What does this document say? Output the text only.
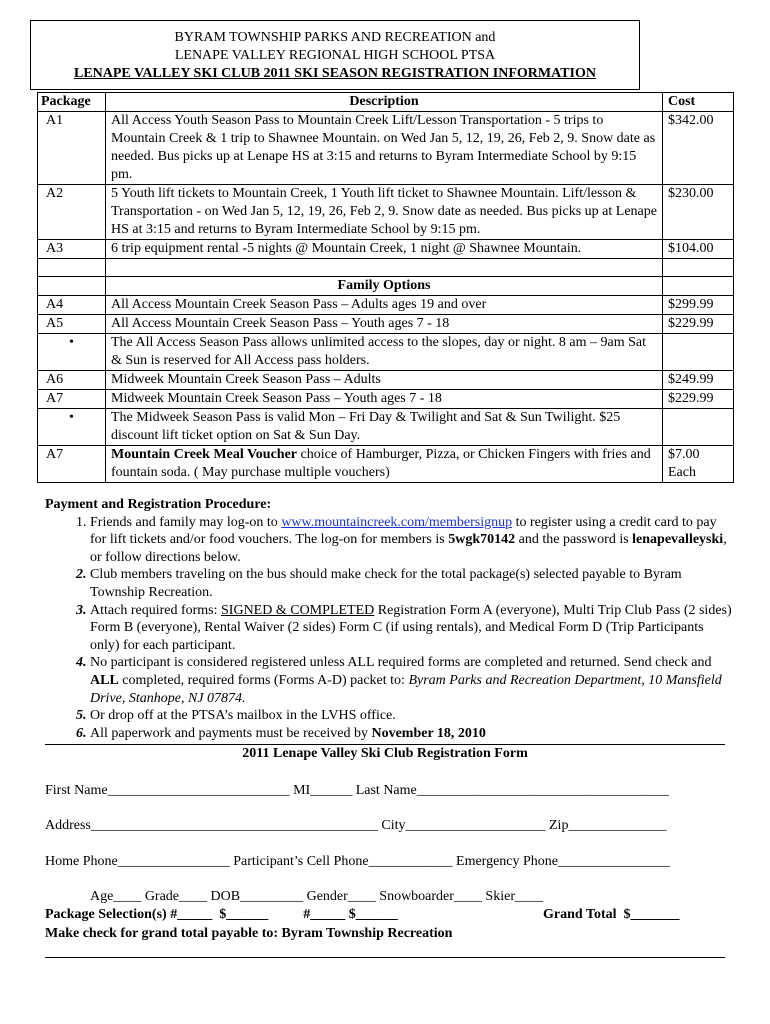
BYRAM TOWNSHIP PARKS AND RECREATION and
LENAPE VALLEY REGIONAL HIGH SCHOOL PTSA
LENAPE VALLEY SKI CLUB 2011 SKI SEASON REGISTRATION INFORMATION
Package	Description	Cost
A1	All Access Youth Season Pass to Mountain Creek Lift/Lesson Transportation - 5 trips to Mountain Creek & 1 trip to Shawnee Mountain. on Wed Jan 5, 12, 19, 26, Feb 2, 9. Snow date as needed. Bus picks up at Lenape HS at 3:15 and returns to Byram Intermediate School by 9:15 pm.	$342.00
A2	5 Youth lift tickets to Mountain Creek, 1 Youth lift ticket to Shawnee Mountain. Lift/lesson & Transportation - on Wed Jan 5, 12, 19, 26, Feb 2, 9. Snow date as needed. Bus picks up at Lenape HS at 3:15 and returns to Byram Intermediate School by 9:15 pm.	$230.00
A3	6 trip equipment rental -5 nights @ Mountain Creek, 1 night @ Shawnee Mountain.	$104.00

	Family Options	
A4	All Access Mountain Creek Season Pass – Adults ages 19 and over	$299.99
A5	All Access Mountain Creek Season Pass – Youth ages 7 - 18	$229.99
•	The All Access Season Pass allows unlimited access to the slopes, day or night. 8 am – 9am Sat & Sun is reserved for All Access pass holders.	
A6	Midweek Mountain Creek Season Pass – Adults	$249.99
A7	Midweek Mountain Creek Season Pass – Youth ages 7 - 18	$229.99
•	The Midweek Season Pass is valid Mon – Fri Day & Twilight and Sat & Sun Twilight. $25 discount lift ticket option on Sat & Sun Day.	
A7	Mountain Creek Meal Voucher choice of Hamburger, Pizza, or Chicken Fingers with fries and fountain soda. ( May purchase multiple vouchers)	$7.00
Each
Payment and Registration Procedure:
1. Friends and family may log-on to www.mountaincreek.com/membersignup to register using a credit card to pay for lift tickets and/or food vouchers. The log-on for members is 5wgk70142 and the password is lenapevalleyski, or follow directions below.
2. Club members traveling on the bus should make check for the total package(s) selected payable to Byram Township Recreation.
3. Attach required forms: SIGNED & COMPLETED Registration Form A (everyone), Multi Trip Club Pass (2 sides) Form B (everyone), Rental Waiver (2 sides) Form C (if using rentals), and Medical Form D (Trip Participants only) for each participant.
4. No participant is considered registered unless ALL required forms are completed and returned. Send check and ALL completed, required forms (Forms A-D) packet to: Byram Parks and Recreation Department, 10 Mansfield Drive, Stanhope, NJ 07874.
5. Or drop off at the PTSA’s mailbox in the LVHS office.
6. All paperwork and payments must be received by November 18, 2010
2011 Lenape Valley Ski Club Registration Form
First Name__________________________ MI______ Last Name____________________________________
Address_________________________________________ City____________________ Zip______________
Home Phone________________ Participant’s Cell Phone____________ Emergency Phone________________
Age____ Grade____ DOB_________ Gender____ Snowboarder____ Skier____
Package Selection(s) #_____  $______          #_____ $______	Grand Total  $_______
Make check for grand total payable to: Byram Township Recreation
